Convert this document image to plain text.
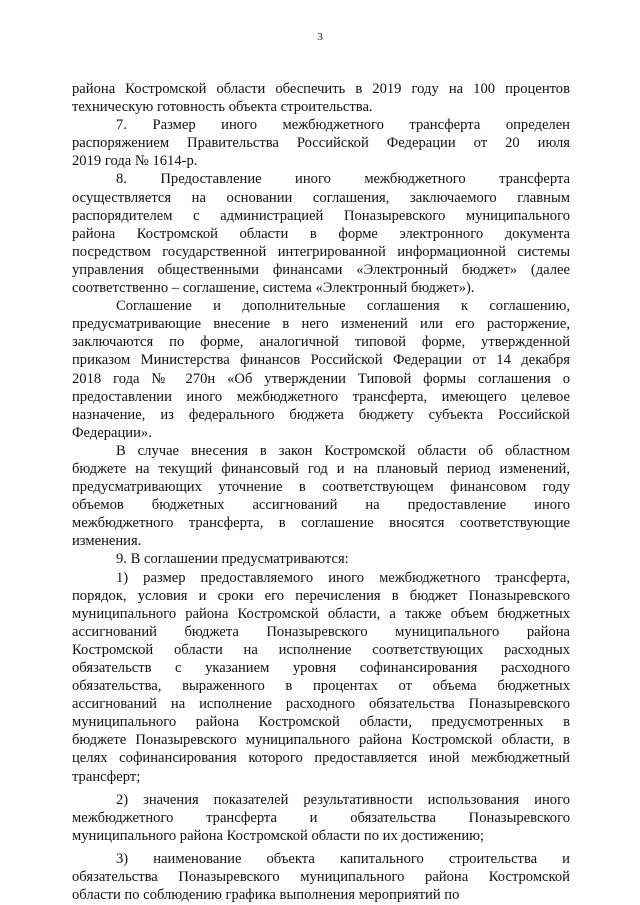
3
района Костромской области обеспечить в 2019 году на 100 процентов
техническую готовность объекта строительства.
7. Размер иного межбюджетного трансферта определен
распоряжением Правительства Российской Федерации от 20 июля
2019 года № 1614-р.
8. Предоставление иного межбюджетного трансферта
осуществляется на основании соглашения, заключаемого главным
распорядителем с администрацией Поназыревского муниципального
района Костромской области в форме электронного документа
посредством государственной интегрированной информационной системы
управления общественными финансами «Электронный бюджет» (далее
соответственно – соглашение, система «Электронный бюджет»).
Соглашение и дополнительные соглашения к соглашению,
предусматривающие внесение в него изменений или его расторжение,
заключаются по форме, аналогичной типовой форме, утвержденной
приказом Министерства финансов Российской Федерации от 14 декабря
2018 года № 270н «Об утверждении Типовой формы соглашения о
предоставлении иного межбюджетного трансферта, имеющего целевое
назначение, из федерального бюджета бюджету субъекта Российской
Федерации».
В случае внесения в закон Костромской области об областном
бюджете на текущий финансовый год и на плановый период изменений,
предусматривающих уточнение в соответствующем финансовом году
объемов бюджетных ассигнований на предоставление иного
межбюджетного трансферта, в соглашение вносятся соответствующие
изменения.
9. В соглашении предусматриваются:
1) размер предоставляемого иного межбюджетного трансферта,
порядок, условия и сроки его перечисления в бюджет Поназыревского
муниципального района Костромской области, а также объем бюджетных
ассигнований бюджета Поназыревского муниципального района
Костромской области на исполнение соответствующих расходных
обязательств с указанием уровня софинансирования расходного
обязательства, выраженного в процентах от объема бюджетных
ассигнований на исполнение расходного обязательства Поназыревского
муниципального района Костромской области, предусмотренных в
бюджете Поназыревского муниципального района Костромской области, в
целях софинансирования которого предоставляется иной межбюджетный
трансферт;
2) значения показателей результативности использования иного
межбюджетного трансферта и обязательства Поназыревского
муниципального района Костромской области по их достижению;
3) наименование объекта капитального строительства и
обязательства Поназыревского муниципального района Костромской
области по соблюдению графика выполнения мероприятий по
